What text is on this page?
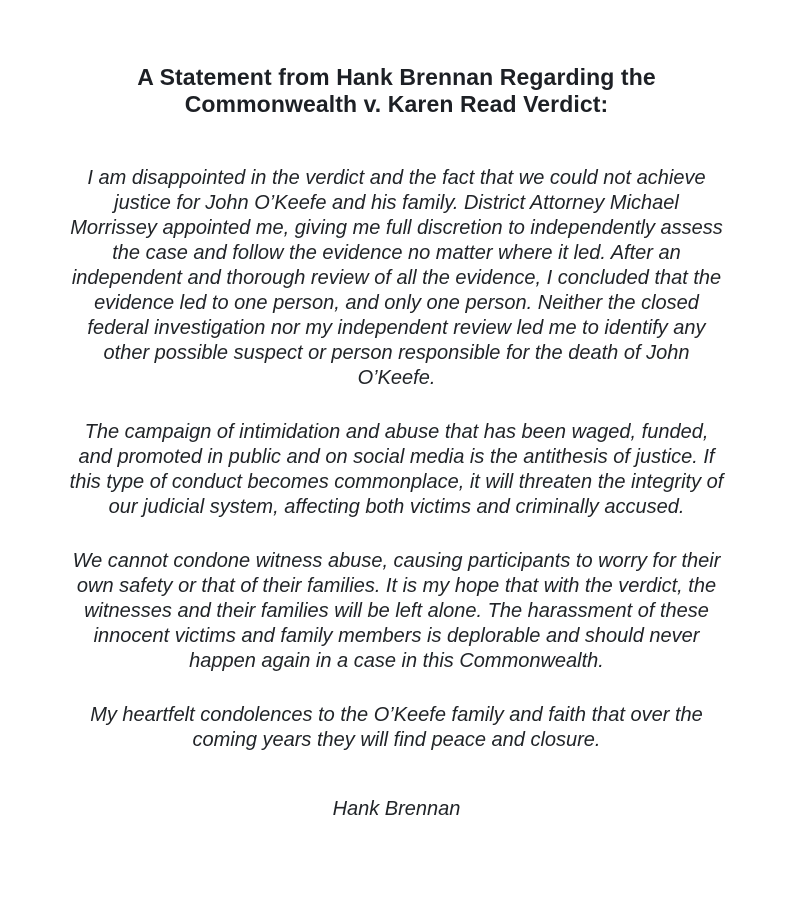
A Statement from Hank Brennan Regarding the Commonwealth v. Karen Read Verdict:

I am disappointed in the verdict and the fact that we could not achieve justice for John O’Keefe and his family. District Attorney Michael Morrissey appointed me, giving me full discretion to independently assess the case and follow the evidence no matter where it led. After an independent and thorough review of all the evidence, I concluded that the evidence led to one person, and only one person. Neither the closed federal investigation nor my independent review led me to identify any other possible suspect or person responsible for the death of John O’Keefe.

The campaign of intimidation and abuse that has been waged, funded, and promoted in public and on social media is the antithesis of justice. If this type of conduct becomes commonplace, it will threaten the integrity of our judicial system, affecting both victims and criminally accused.

We cannot condone witness abuse, causing participants to worry for their own safety or that of their families. It is my hope that with the verdict, the witnesses and their families will be left alone. The harassment of these innocent victims and family members is deplorable and should never happen again in a case in this Commonwealth.

My heartfelt condolences to the O’Keefe family and faith that over the coming years they will find peace and closure.

Hank Brennan
